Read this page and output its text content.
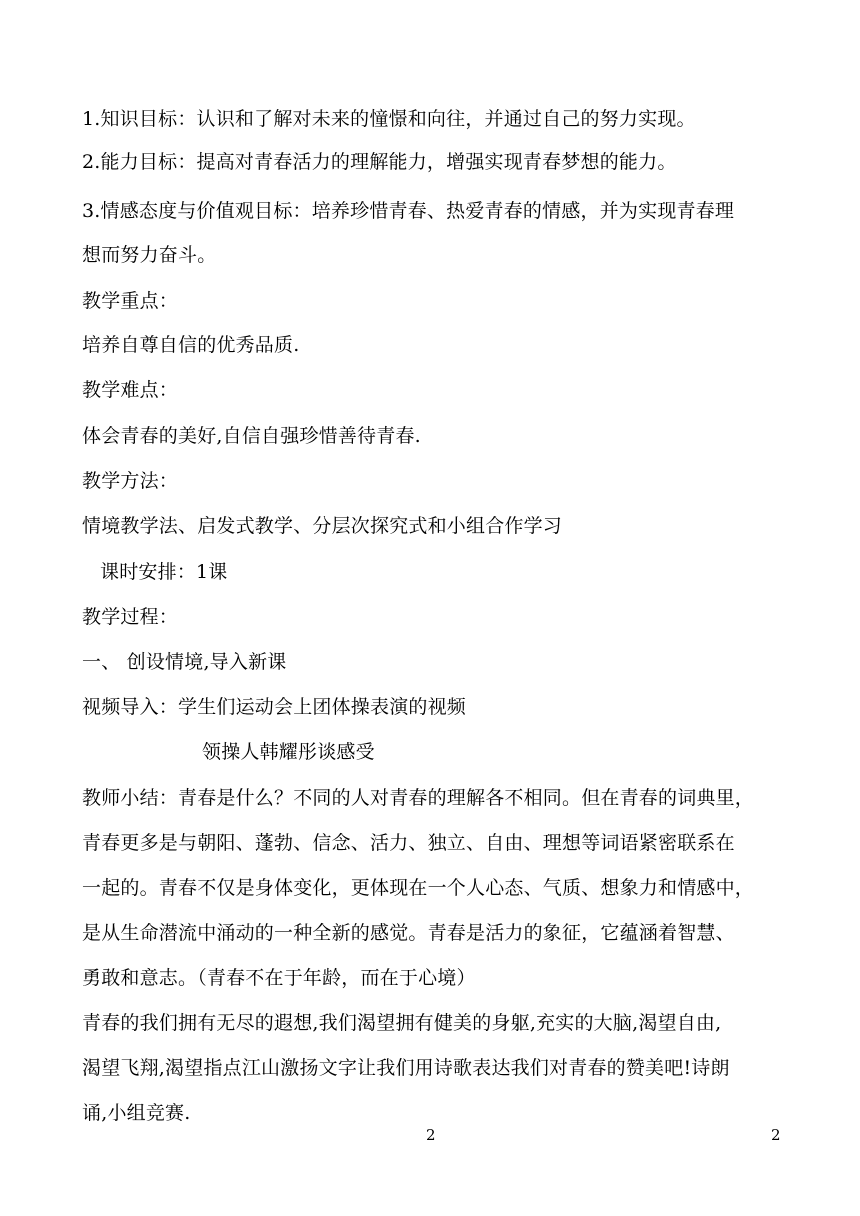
1.知识目标：认识和了解对未来的憧憬和向往，并通过自己的努力实现。
2.能力目标：提高对青春活力的理解能力，增强实现青春梦想的能力。
3.情感态度与价值观目标：培养珍惜青春、热爱青春的情感，并为实现青春理
想而努力奋斗。
教学重点：
培养自尊自信的优秀品质.
教学难点：
体会青春的美好,自信自强珍惜善待青春.
教学方法：
情境教学法、启发式教学、分层次探究式和小组合作学习
课时安排：1课
教学过程：
一、 创设情境,导入新课
视频导入：学生们运动会上团体操表演的视频
领操人韩耀彤谈感受
教师小结：青春是什么？不同的人对青春的理解各不相同。但在青春的词典里，
青春更多是与朝阳、蓬勃、信念、活力、独立、自由、理想等词语紧密联系在
一起的。青春不仅是身体变化，更体现在一个人心态、气质、想象力和情感中，
是从生命潜流中涌动的一种全新的感觉。青春是活力的象征，它蕴涵着智慧、
勇敢和意志。（青春不在于年龄，而在于心境）
青春的我们拥有无尽的遐想,我们渴望拥有健美的身躯,充实的大脑,渴望自由,
渴望飞翔,渴望指点江山激扬文字让我们用诗歌表达我们对青春的赞美吧!诗朗
诵,小组竞赛.
2	2
